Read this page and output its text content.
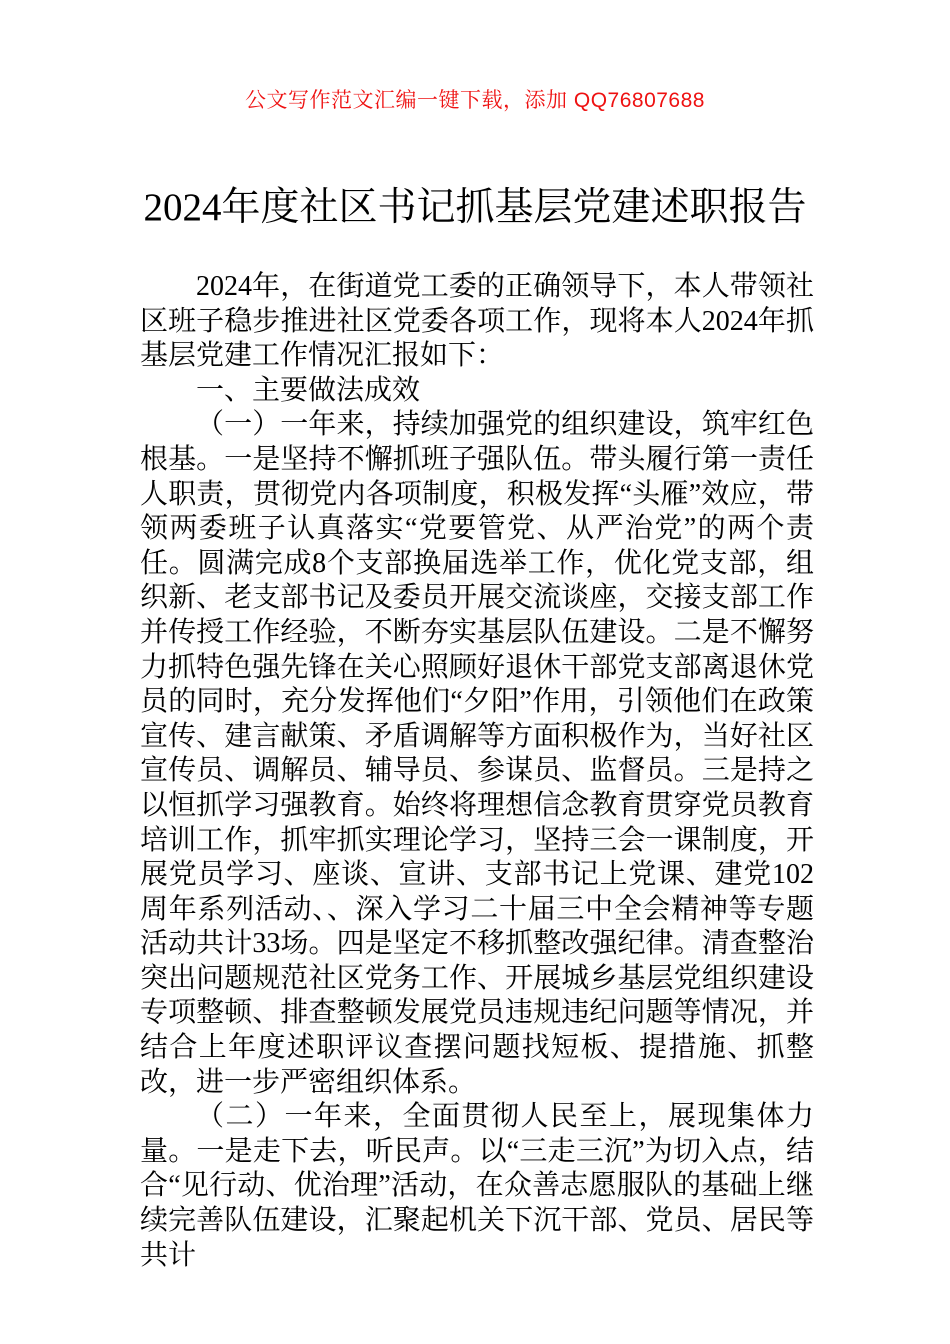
公文写作范文汇编一键下载，添加 QQ76807688
2024年度社区书记抓基层党建述职报告

2024年，在街道党工委的正确领导下，本人带领社区班子稳步推进社区党委各项工作，现将本人2024年抓基层党建工作情况汇报如下：

一、主要做法成效

（一）一年来，持续加强党的组织建设，筑牢红色根基。一是坚持不懈抓班子强队伍。带头履行第一责任人职责，贯彻党内各项制度，积极发挥“头雁”效应，带领两委班子认真落实“党要管党、从严治党”的两个责任。圆满完成8个支部换届选举工作，优化党支部，组织新、老支部书记及委员开展交流谈座，交接支部工作并传授工作经验，不断夯实基层队伍建设。二是不懈努力抓特色强先锋在关心照顾好退休干部党支部离退休党员的同时，充分发挥他们“夕阳”作用，引领他们在政策宣传、建言献策、矛盾调解等方面积极作为，当好社区宣传员、调解员、辅导员、参谋员、监督员。三是持之以恒抓学习强教育。始终将理想信念教育贯穿党员教育培训工作，抓牢抓实理论学习，坚持三会一课制度，开展党员学习、座谈、宣讲、支部书记上党课、建党102周年系列活动、、深入学习二十届三中全会精神等专题活动共计33场。四是坚定不移抓整改强纪律。清查整治突出问题规范社区党务工作、开展城乡基层党组织建设专项整顿、排查整顿发展党员违规违纪问题等情况，并结合上年度述职评议查摆问题找短板、提措施、抓整改，进一步严密组织体系。

（二）一年来，全面贯彻人民至上，展现集体力量。一是走下去，听民声。以“三走三沉”为切入点，结合“见行动、优治理”活动，在众善志愿服队的基础上继续完善队伍建设，汇聚起机关下沉干部、党员、居民等共计
